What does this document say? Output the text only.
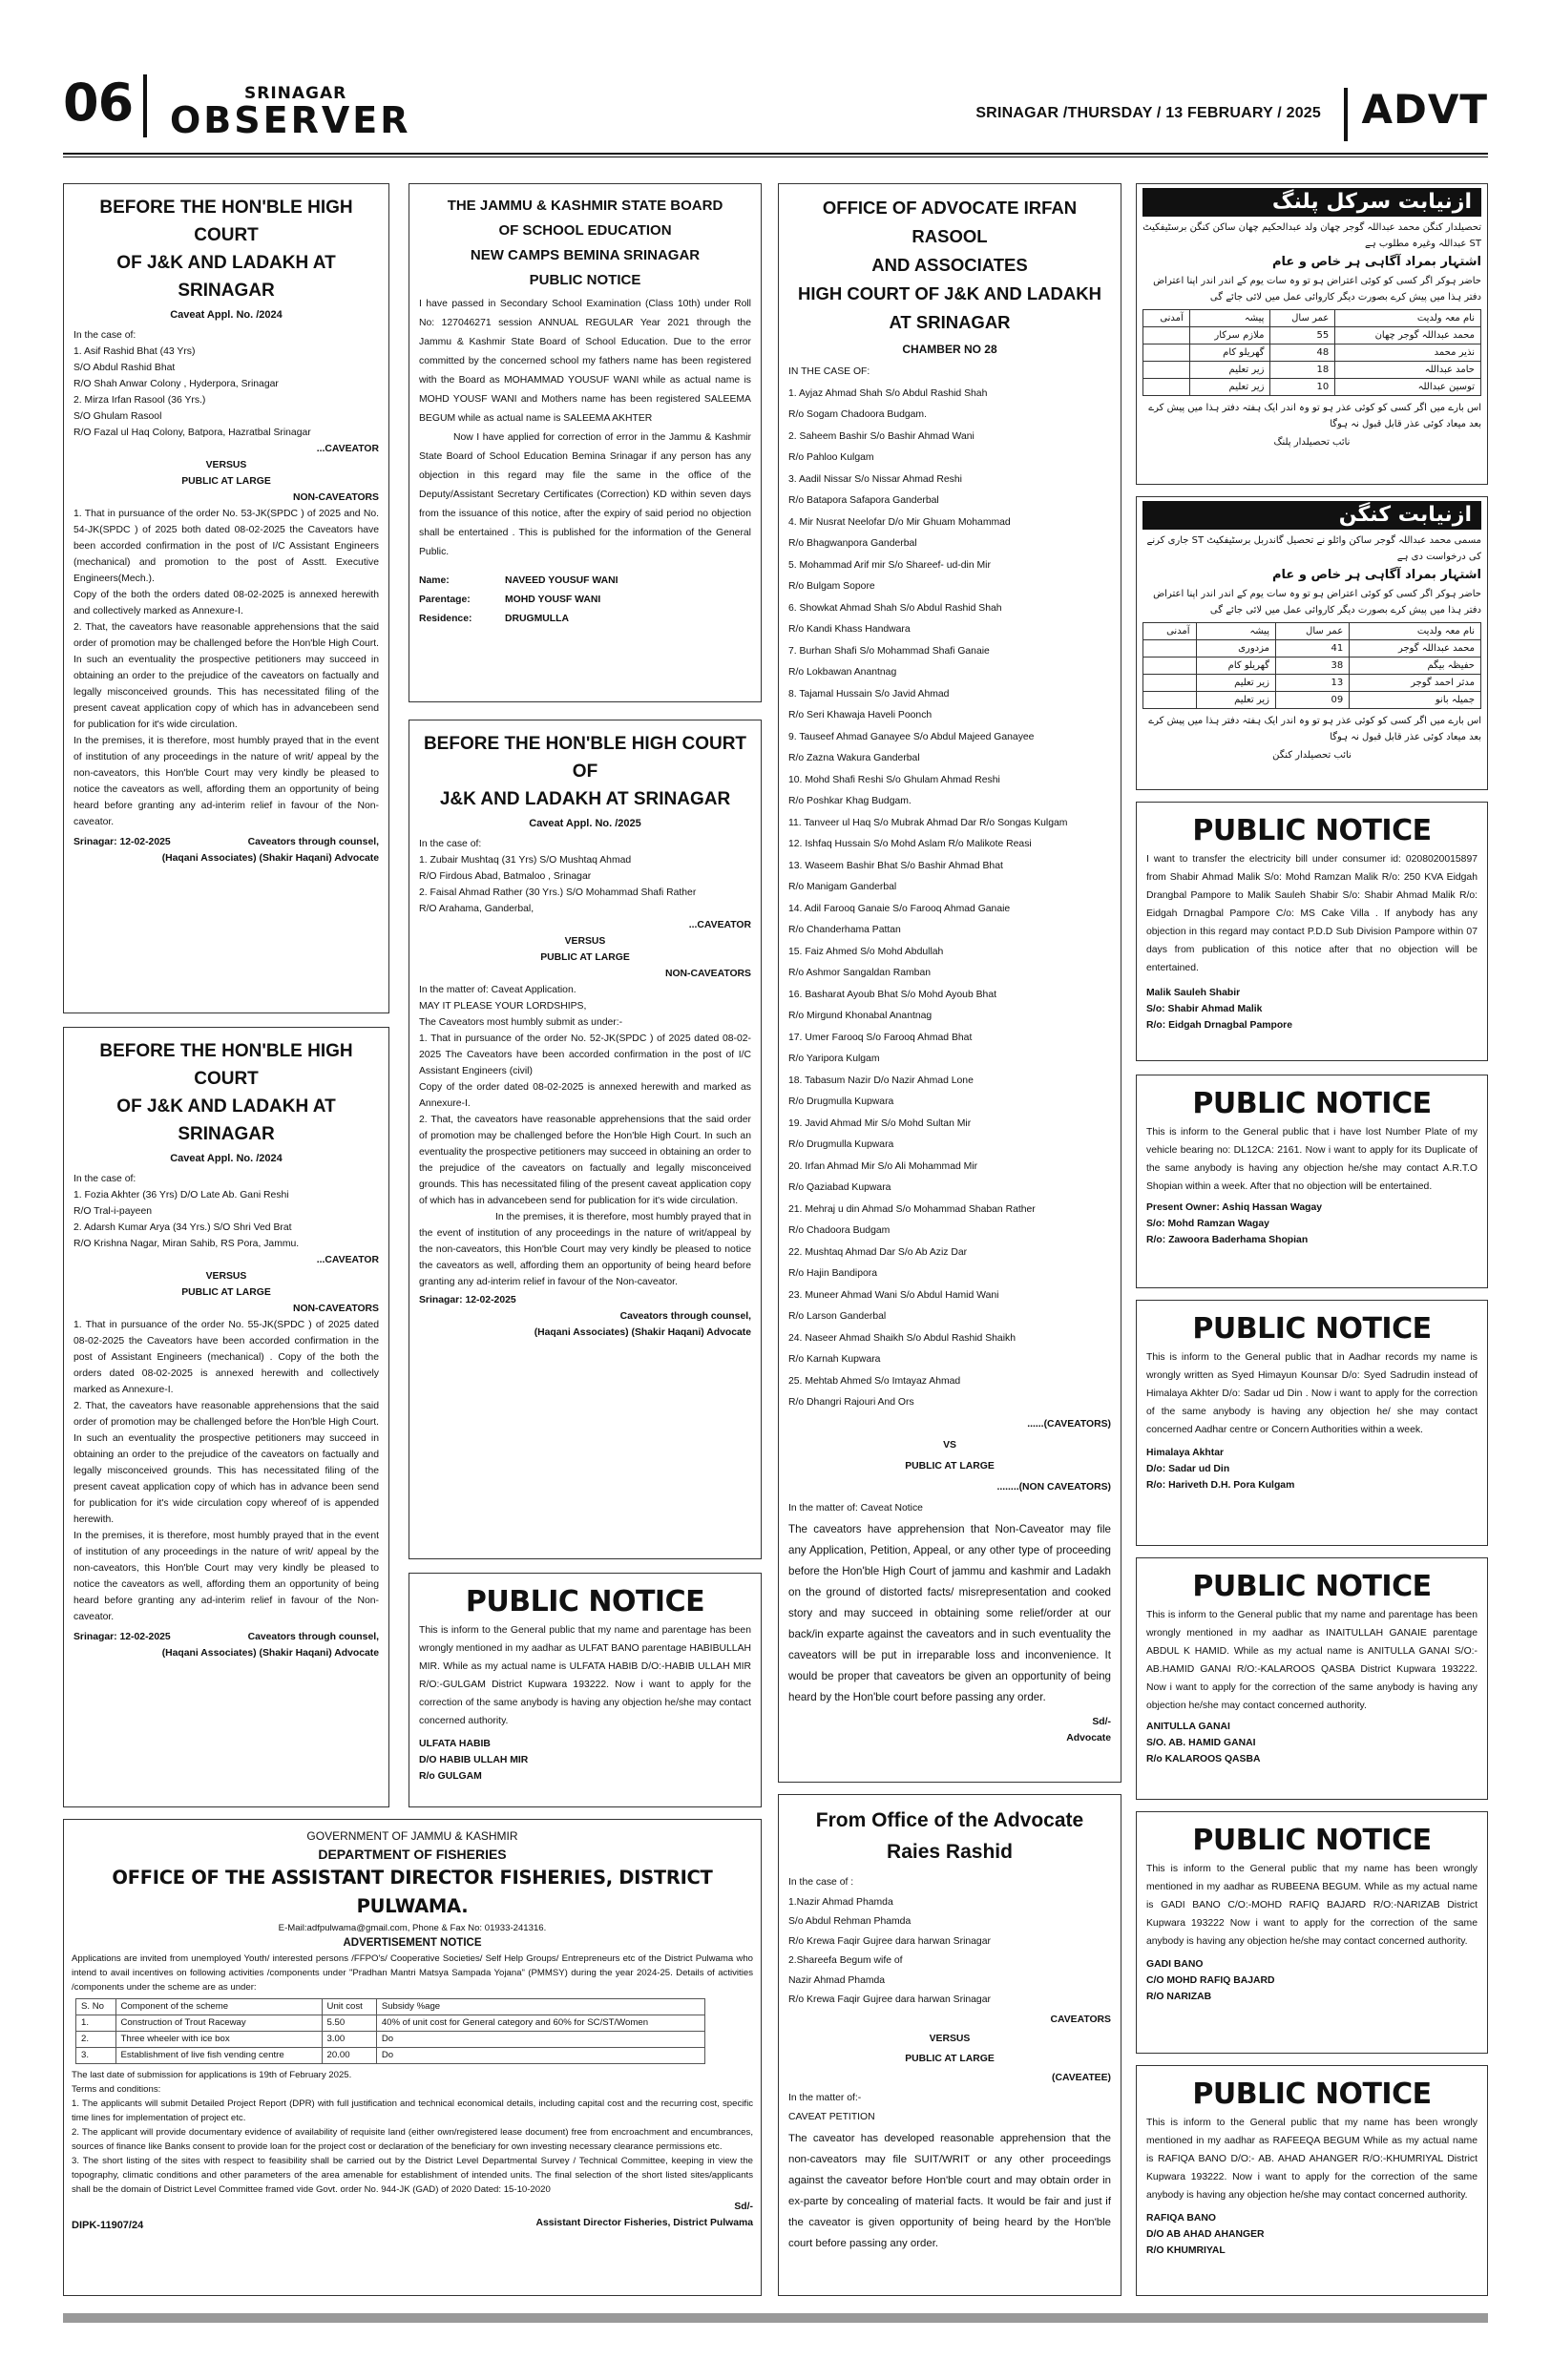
06	SRINAGAR
OBSERVER	SRINAGAR /THURSDAY / 13 FEBRUARY / 2025 ADVT
BEFORE THE HON'BLE HIGH COURT
OF J&K AND LADAKH AT SRINAGAR
Caveat Appl. No. /2024

In the case of:

1. Asif Rashid Bhat (43 Yrs)

S/O Abdul Rashid Bhat

R/O Shah Anwar Colony , Hyderpora, Srinagar

2. Mirza Irfan Rasool (36 Yrs.)

S/O Ghulam Rasool

R/O Fazal ul Haq Colony, Batpora, Hazratbal Srinagar

...CAVEATOR

VERSUS

PUBLIC AT LARGE

NON-CAVEATORS

1. That in pursuance of the order No. 53-JK(SPDC ) of 2025 and No. 54-JK(SPDC ) of 2025 both dated 08-02-2025 the Caveators have been accorded confirmation in the post of I/C Assistant Engineers (mechanical) and promotion to the post of Asstt. Executive Engineers(Mech.).

Copy of the both the orders dated 08-02-2025 is annexed herewith and collectively marked as Annexure-I.

2. That, the caveators have reasonable apprehensions that the said order of promotion may be challenged before the Hon'ble High Court. In such an eventuality the prospective petitioners may succeed in obtaining an order to the prejudice of the caveators on factually and legally misconceived grounds. This has necessitated filing of the present caveat application copy of which has in advancebeen send for publication for it's wide circulation.

In the premises, it is therefore, most humbly prayed that in the event of institution of any proceedings in the nature of writ/ appeal by the non-caveators, this Hon'ble Court may very kindly be pleased to notice the caveators as well, affording them an opportunity of being heard before granting any ad-interim relief in favour of the Non-caveator.

Srinagar: 12-02-2025	Caveators through counsel,
(Haqani Associates) (Shakir Haqani) Advocate
BEFORE THE HON'BLE HIGH COURT
OF J&K AND LADAKH AT SRINAGAR
Caveat Appl. No. /2024

In the case of:

1. Fozia Akhter (36 Yrs) D/O Late Ab. Gani Reshi

R/O Tral-i-payeen

2. Adarsh Kumar Arya (34 Yrs.) S/O Shri Ved Brat

R/O Krishna Nagar, Miran Sahib, RS Pora, Jammu.

...CAVEATOR

VERSUS

PUBLIC AT LARGE

NON-CAVEATORS

1. That in pursuance of the order No. 55-JK(SPDC ) of 2025 dated 08-02-2025 the Caveators have been accorded confirmation in the post of Assistant Engineers (mechanical) . Copy of the both the orders dated 08-02-2025 is annexed herewith and collectively marked as Annexure-I.

2. That, the caveators have reasonable apprehensions that the said order of promotion may be challenged before the Hon'ble High Court. In such an eventuality the prospective petitioners may succeed in obtaining an order to the prejudice of the caveators on factually and legally misconceived grounds. This has necessitated filing of the present caveat application copy of which has in advance been send for publication for it's wide circulation copy whereof of is appended herewith.

In the premises, it is therefore, most humbly prayed that in the event of institution of any proceedings in the nature of writ/ appeal by the non-caveators, this Hon'ble Court may very kindly be pleased to notice the caveators as well, affording them an opportunity of being heard before granting any ad-interim relief in favour of the Non-caveator.

Srinagar: 12-02-2025	Caveators through counsel,
(Haqani Associates) (Shakir Haqani) Advocate
THE JAMMU & KASHMIR STATE BOARD
OF SCHOOL EDUCATION
NEW CAMPS BEMINA SRINAGAR
PUBLIC NOTICE

I have passed in Secondary School Examination (Class 10th) under Roll No: 127046271 session ANNUAL REGULAR Year 2021 through the Jammu & Kashmir State Board of School Education. Due to the error committed by the concerned school my fathers name has been registered with the Board as MOHAMMAD YOUSUF WANI while as actual name is MOHD YOUSF WANI and Mothers name has been registered SALEEMA BEGUM while as actual name is SALEEMA AKHTER

Now I have applied for correction of error in the Jammu & Kashmir State Board of School Education Bemina Srinagar if any person has any objection in this regard may file the same in the office of the Deputy/Assistant Secretary Certificates (Correction) KD within seven days from the issuance of this notice, after the expiry of said period no objection shall be entertained . This is published for the information of the General Public.

Name:	NAVEED YOUSUF WANI
Parentage:	MOHD YOUSF WANI
Residence:	DRUGMULLA
BEFORE THE HON'BLE HIGH COURT OF
J&K AND LADAKH AT SRINAGAR
Caveat Appl. No. /2025

In the case of:

1. Zubair Mushtaq (31 Yrs) S/O Mushtaq Ahmad

R/O Firdous Abad, Batmaloo , Srinagar

2. Faisal Ahmad Rather (30 Yrs.) S/O Mohammad Shafi Rather

R/O Arahama, Ganderbal,

...CAVEATOR

VERSUS

PUBLIC AT LARGE

NON-CAVEATORS

In the matter of: Caveat Application.

MAY IT PLEASE YOUR LORDSHIPS,

The Caveators most humbly submit as under:-

1. That in pursuance of the order No. 52-JK(SPDC ) of 2025 dated 08-02-2025 The Caveators have been accorded confirmation in the post of I/C Assistant Engineers (civil)

Copy of the order dated 08-02-2025 is annexed herewith and marked as Annexure-I.

2. That, the caveators have reasonable apprehensions that the said order of promotion may be challenged before the Hon'ble High Court. In such an eventuality the prospective petitioners may succeed in obtaining an order to the prejudice of the caveators on factually and legally misconceived grounds. This has necessitated filing of the present caveat application copy of which has in advancebeen send for publication for it's wide circulation.

In the premises, it is therefore, most humbly prayed that in the event of institution of any proceedings in the nature of writ/appeal by the non-caveators, this Hon'ble Court may very kindly be pleased to notice the caveators as well, affording them an opportunity of being heard before granting any ad-interim relief in favour of the Non-caveator.

Srinagar: 12-02-2025
Caveators through counsel,
(Haqani Associates) (Shakir Haqani) Advocate
PUBLIC NOTICE
This is inform to the General public that my name and parentage has been wrongly mentioned in my aadhar as ULFAT BANO parentage HABIBULLAH MIR. While as my actual name is ULFATA HABIB D/O:-HABIB ULLAH MIR R/O:-GULGAM District Kupwara 193222. Now i want to apply for the correction of the same anybody is having any objection he/she may contact concerned authority.
ULFATA HABIB
D/O HABIB ULLAH MIR
R/o GULGAM
OFFICE OF ADVOCATE IRFAN RASOOL
AND ASSOCIATES
HIGH COURT OF J&K AND LADAKH
AT SRINAGAR
CHAMBER NO 28

IN THE CASE OF:

1. Ayjaz Ahmad Shah S/o Abdul Rashid Shah

R/o Sogam Chadoora Budgam.

2. Saheem Bashir S/o Bashir Ahmad Wani

R/o Pahloo Kulgam

3. Aadil Nissar S/o Nissar Ahmad Reshi

R/o Batapora Safapora Ganderbal

4. Mir Nusrat Neelofar D/o Mir Ghuam Mohammad

R/o Bhagwanpora Ganderbal

5. Mohammad Arif mir S/o Shareef- ud-din Mir

R/o Bulgam Sopore

6. Showkat Ahmad Shah S/o Abdul Rashid Shah

R/o Kandi Khass Handwara

7. Burhan Shafi S/o Mohammad Shafi Ganaie

R/o Lokbawan Anantnag

8. Tajamal Hussain S/o Javid Ahmad

R/o Seri Khawaja Haveli Poonch

9. Tauseef Ahmad Ganayee S/o Abdul Majeed Ganayee

R/o Zazna Wakura Ganderbal

10. Mohd Shafi Reshi S/o Ghulam Ahmad Reshi

R/o Poshkar Khag Budgam.

11. Tanveer ul Haq S/o Mubrak Ahmad Dar R/o Songas Kulgam

12. Ishfaq Hussain S/o Mohd Aslam R/o Malikote Reasi

13. Waseem Bashir Bhat S/o Bashir Ahmad Bhat

R/o Manigam Ganderbal

14. Adil Farooq Ganaie S/o Farooq Ahmad Ganaie

R/o Chanderhama Pattan

15. Faiz Ahmed S/o Mohd Abdullah

R/o Ashmor Sangaldan Ramban

16. Basharat Ayoub Bhat S/o Mohd Ayoub Bhat

R/o Mirgund Khonabal Anantnag

17. Umer Farooq S/o Farooq Ahmad Bhat

R/o Yaripora Kulgam

18. Tabasum Nazir D/o Nazir Ahmad Lone

R/o Drugmulla Kupwara

19. Javid Ahmad Mir S/o Mohd Sultan Mir

R/o Drugmulla Kupwara

20. Irfan Ahmad Mir S/o Ali Mohammad Mir

R/o Qaziabad Kupwara

21. Mehraj u din Ahmad S/o Mohammad Shaban Rather

R/o Chadoora Budgam

22. Mushtaq Ahmad Dar S/o Ab Aziz Dar

R/o Hajin Bandipora

23. Muneer Ahmad Wani S/o Abdul Hamid Wani

R/o Larson Ganderbal

24. Naseer Ahmad Shaikh S/o Abdul Rashid Shaikh

R/o Karnah Kupwara

25. Mehtab Ahmed S/o Imtayaz Ahmad

R/o Dhangri Rajouri And Ors

......(CAVEATORS)

VS

PUBLIC AT LARGE

........(NON CAVEATORS)

In the matter of: Caveat Notice

The caveators have apprehension that Non-Caveator may file any Application, Petition, Appeal, or any other type of proceeding before the Hon'ble High Court of jammu and kashmir and Ladakh on the ground of distorted facts/ misrepresentation and cooked story and may succeed in obtaining some relief/order at our back/in exparte against the caveators and in such eventuality the caveators will be put in irreparable loss and inconvenience. It would be proper that caveators be given an opportunity of being heard by the Hon'ble court before passing any order.
Sd/-
Advocate
From Office of the Advocate
Raies Rashid

In the case of :

1.Nazir Ahmad Phamda

S/o Abdul Rehman Phamda

R/o Krewa Faqir Gujree dara harwan Srinagar

2.Shareefa Begum wife of

Nazir Ahmad Phamda

R/o Krewa Faqir Gujree dara harwan Srinagar

CAVEATORS

VERSUS

PUBLIC AT LARGE

(CAVEATEE)

In the matter of:-

CAVEAT PETITION

The caveator has developed reasonable apprehension that the non-caveators may file SUIT/WRIT or any other proceedings against the caveator before Hon'ble court and may obtain order in ex-parte by concealing of material facts. It would be fair and just if the caveator is given opportunity of being heard by the Hon'ble court before passing any order.
GOVERNMENT OF JAMMU & KASHMIR
DEPARTMENT OF FISHERIES
OFFICE OF THE ASSISTANT DIRECTOR FISHERIES, DISTRICT PULWAMA.
E-Mail:adfpulwama@gmail.com, Phone & Fax No: 01933-241316.
ADVERTISEMENT NOTICE
Applications are invited from unemployed Youth/ interested persons /FFPO's/ Cooperative Societies/ Self Help Groups/ Entrepreneurs etc of the District Pulwama who intend to avail incentives on following activities /components under "Pradhan Mantri Matsya Sampada Yojana" (PMMSY) during the year 2024-25. Details of activities /components under the scheme are as under:
S. No	Component of the scheme	Unit cost	Subsidy %age
1.	Construction of Trout Raceway	5.50	40% of unit cost for General category and 60% for SC/ST/Women
2.	Three wheeler with ice box	3.00	Do
3.	Establishment of live fish vending centre	20.00	Do

The last date of submission for applications is 19th of February 2025.

Terms and conditions:

1. The applicants will submit Detailed Project Report (DPR) with full justification and technical economical details, including capital cost and the recurring cost, specific time lines for implementation of project etc.

2. The applicant will provide documentary evidence of availability of requisite land (either own/registered lease document) free from encroachment and encumbrances, sources of finance like Banks consent to provide loan for the project cost or declaration of the beneficiary for own investing necessary clearance permissions etc.

3. The short listing of the sites with respect to feasibility shall be carried out by the District Level Departmental Survey / Technical Committee, keeping in view the topography, climatic conditions and other parameters of the area amenable for establishment of intended units. The final selection of the short listed sites/applicants shall be the domain of District Level Committee framed vide Govt. order No. 944-JK (GAD) of 2020 Dated: 15-10-2020

DIPK-11907/24
Sd/-
Assistant Director Fisheries, District Pulwama
ازنیابت سرکل پلنگ
تحصیلدار کنگن محمد عبداللہ گوجر چھان ولد عبدالحکیم چھان ساکن کنگن برسٹیفکیٹ ST عبداللہ وغیرہ مطلوب ہے
اشتہار بمراد آگاہی ہر خاص و عام
حاضر ہوکر اگر کسی کو کوئی اعتراض ہو تو وہ سات یوم کے اندر اندر اپنا اعتراض دفتر ہذا میں پیش کرے بصورت دیگر کاروائی عمل میں لائی جائے گی
نام معہ ولدیت	عمر سال	پیشہ	آمدنی
محمد عبداللہ گوجر چھان	55	ملازم سرکار	
نذیر محمد	48	گھریلو کام	
حامد عبداللہ	18	زیر تعلیم	
توسین عبداللہ	10	زیر تعلیم	
اس بارے میں اگر کسی کو کوئی عذر ہو تو وہ اندر ایک ہفتہ دفتر ہذا میں پیش کرے بعد میعاد کوئی عذر قابل قبول نہ ہوگا
نائب تحصیلدار پلنگ
ازنیابت کنگن
مسمی محمد عبداللہ گوجر ساکن وائلو نے تحصیل گاندربل برسٹیفکیٹ ST جاری کرنے کی درخواست دی ہے
اشتہار بمراد آگاہی ہر خاص و عام
حاضر ہوکر اگر کسی کو کوئی اعتراض ہو تو وہ سات یوم کے اندر اندر اپنا اعتراض دفتر ہذا میں پیش کرے بصورت دیگر کاروائی عمل میں لائی جائے گی
نام معہ ولدیت	عمر سال	پیشہ	آمدنی
محمد عبداللہ گوجر	41	مزدوری	
حفیظہ بیگم	38	گھریلو کام	
مدثر احمد گوجر	13	زیر تعلیم	
جمیلہ بانو	09	زیر تعلیم	
اس بارے میں اگر کسی کو کوئی عذر ہو تو وہ اندر ایک ہفتہ دفتر ہذا میں پیش کرے بعد میعاد کوئی عذر قابل قبول نہ ہوگا
نائب تحصیلدار کنگن
PUBLIC NOTICE
I want to transfer the electricity bill under consumer id: 0208020015897 from Shabir Ahmad Malik S/o: Mohd Ramzan Malik R/o: 250 KVA Eidgah Drangbal Pampore to Malik Sauleh Shabir S/o: Shabir Ahmad Malik R/o: Eidgah Drnagbal Pampore C/o: MS Cake Villa . If anybody has any objection in this regard may contact P.D.D Sub Division Pampore within 07 days from publication of this notice after that no objection will be entertained.
Malik Sauleh Shabir
S/o: Shabir Ahmad Malik
R/o: Eidgah Drnagbal Pampore
PUBLIC NOTICE
This is inform to the General public that i have lost Number Plate of my vehicle bearing no: DL12CA: 2161. Now i want to apply for its Duplicate of the same anybody is having any objection he/she may contact A.R.T.O Shopian within a week. After that no objection will be entertained.
Present Owner: Ashiq Hassan Wagay
S/o: Mohd Ramzan Wagay
R/o: Zawoora Baderhama Shopian
PUBLIC NOTICE
This is inform to the General public that in Aadhar records my name is wrongly written as Syed Himayun Kounsar D/o: Syed Sadrudin instead of Himalaya Akhter D/o: Sadar ud Din . Now i want to apply for the correction of the same anybody is having any objection he/ she may contact concerned Aadhar centre or Concern Authorities within a week.
Himalaya Akhtar
D/o: Sadar ud Din
R/o: Hariveth D.H. Pora Kulgam
PUBLIC NOTICE
This is inform to the General public that my name and parentage has been wrongly mentioned in my aadhar as INAITULLAH GANAIE parentage ABDUL K HAMID. While as my actual name is ANITULLA GANAI S/O:-AB.HAMID GANAI R/O:-KALAROOS QASBA District Kupwara 193222. Now i want to apply for the correction of the same anybody is having any objection he/she may contact concerned authority.
ANITULLA GANAI
S/O. AB. HAMID GANAI
R/o KALAROOS QASBA
PUBLIC NOTICE
This is inform to the General public that my name has been wrongly mentioned in my aadhar as RUBEENA BEGUM. While as my actual name is GADI BANO C/O:-MOHD RAFIQ BAJARD R/O:-NARIZAB District Kupwara 193222 Now i want to apply for the correction of the same anybody is having any objection he/she may contact concerned authority.
GADI BANO
C/O MOHD RAFIQ BAJARD
R/O NARIZAB
PUBLIC NOTICE
This is inform to the General public that my name has been wrongly mentioned in my aadhar as RAFEEQA BEGUM While as my actual name is RAFIQA BANO D/O:- AB. AHAD AHANGER R/O:-KHUMRIYAL District Kupwara 193222. Now i want to apply for the correction of the same anybody is having any objection he/she may contact concerned authority.
RAFIQA BANO
D/O AB AHAD AHANGER
R/O KHUMRIYAL
